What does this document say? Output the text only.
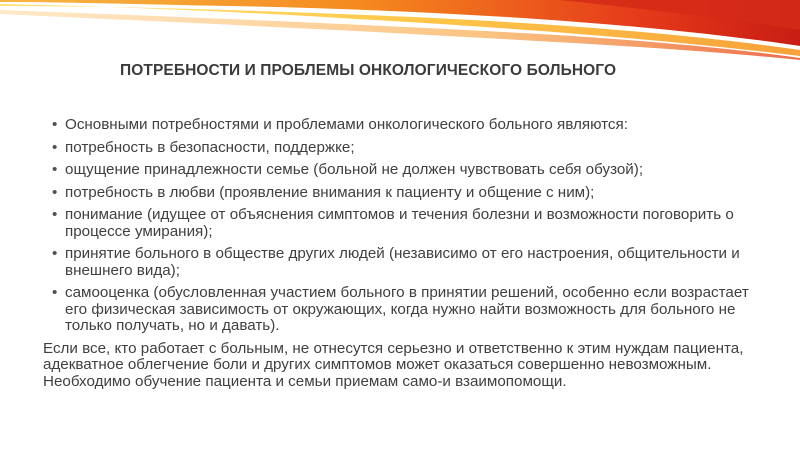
ПОТРЕБНОСТИ И ПРОБЛЕМЫ ОНКОЛОГИЧЕСКОГО БОЛЬНОГО
• Основными потребностями и проблемами онкологического больного являются:
• потребность в безопасности, поддержке;
• ощущение принадлежности семье (больной не должен чувствовать себя обузой);
• потребность в любви (проявление внимания к пациенту и общение с ним);
• понимание (идущее от объяснения симптомов и течения болезни и возможности поговорить о процессе умирания);
• принятие больного в обществе других людей (независимо от его настроения, общительности и внешнего вида);
• самооценка (обусловленная участием больного в принятии решений, особенно если возрастает его физическая зависимость от окружающих, когда нужно найти возможность для больного не только получать, но и давать).

Если все, кто работает с больным, не отнесутся серьезно и ответственно к этим нуждам пациента, адекватное облегчение боли и других симптомов может оказаться совершенно невозможным. Необходимо обучение пациента и семьи приемам само-и взаимопомощи.
